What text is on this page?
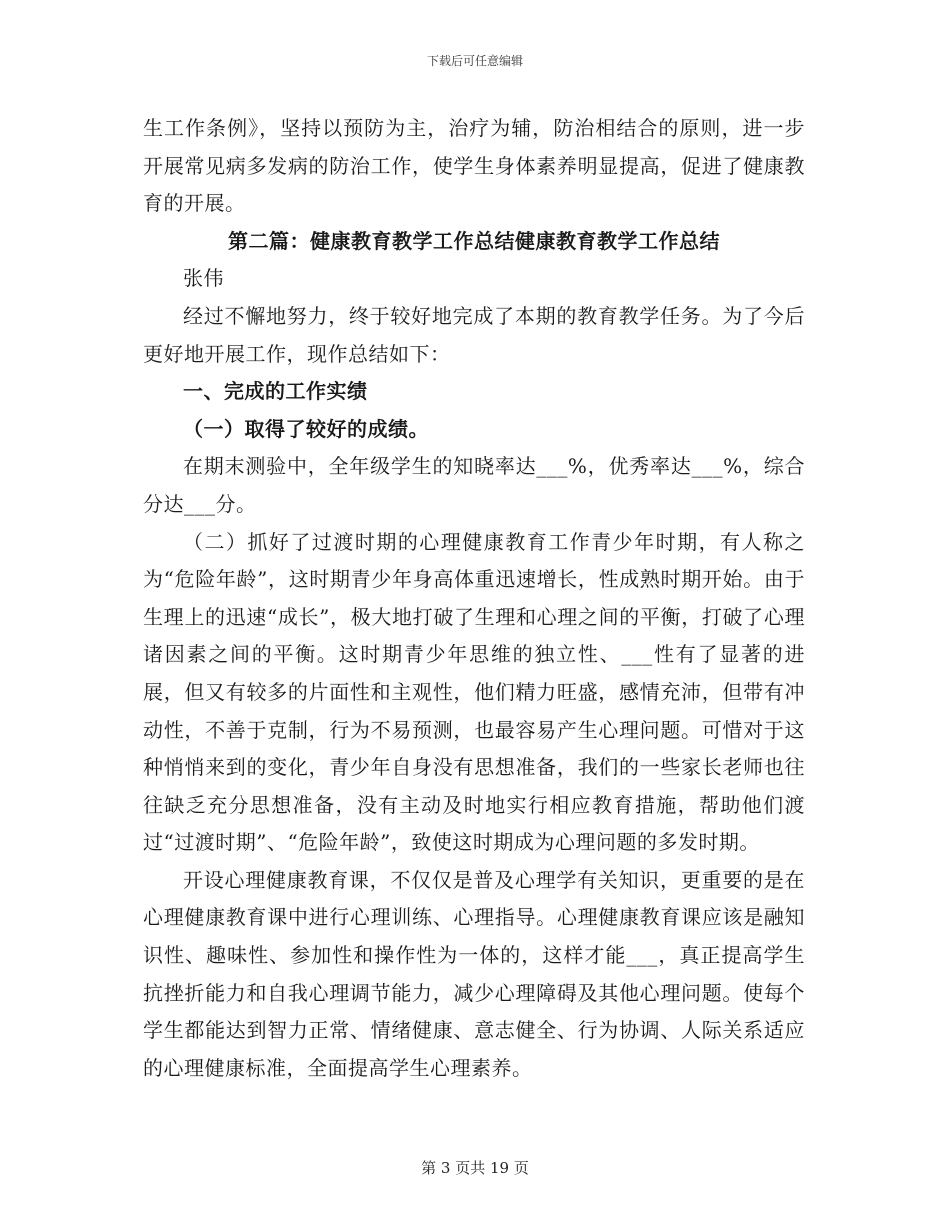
下载后可任意编辑

生工作条例》，坚持以预防为主，治疗为辅，防治相结合的原则，进一步开展常见病多发病的防治工作，使学生身体素养明显提高，促进了健康教育的开展。

第二篇：健康教育教学工作总结健康教育教学工作总结

张伟

经过不懈地努力，终于较好地完成了本期的教育教学任务。为了今后更好地开展工作，现作总结如下：

一、完成的工作实绩

（一）取得了较好的成绩。

在期末测验中，全年级学生的知晓率达___%，优秀率达___%，综合分达___分。

（二）抓好了过渡时期的心理健康教育工作青少年时期，有人称之为“危险年龄”，这时期青少年身高体重迅速增长，性成熟时期开始。由于生理上的迅速“成长”，极大地打破了生理和心理之间的平衡，打破了心理诸因素之间的平衡。这时期青少年思维的独立性、___性有了显著的进展，但又有较多的片面性和主观性，他们精力旺盛，感情充沛，但带有冲动性，不善于克制，行为不易预测，也最容易产生心理问题。可惜对于这种悄悄来到的变化，青少年自身没有思想准备，我们的一些家长老师也往往缺乏充分思想准备，没有主动及时地实行相应教育措施，帮助他们渡过“过渡时期”、“危险年龄”，致使这时期成为心理问题的多发时期。

开设心理健康教育课，不仅仅是普及心理学有关知识，更重要的是在心理健康教育课中进行心理训练、心理指导。心理健康教育课应该是融知识性、趣味性、参加性和操作性为一体的，这样才能___，真正提高学生抗挫折能力和自我心理调节能力，减少心理障碍及其他心理问题。使每个学生都能达到智力正常、情绪健康、意志健全、行为协调、人际关系适应的心理健康标准，全面提高学生心理素养。

第 3 页共 19 页
